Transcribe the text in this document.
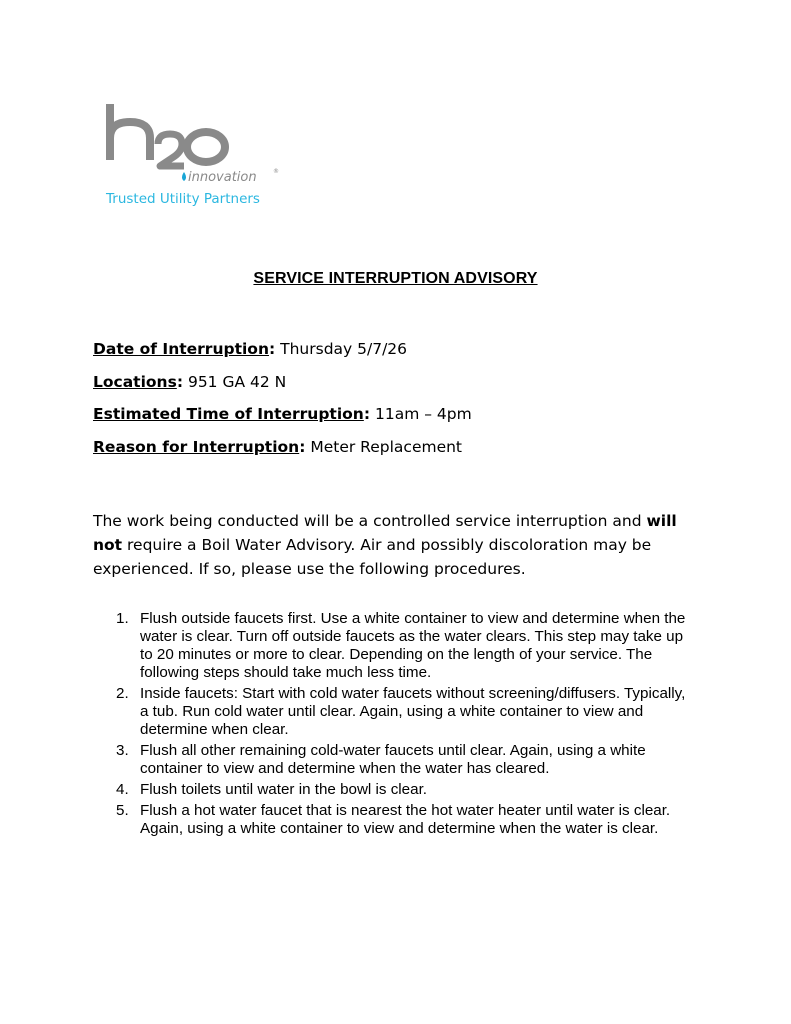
innovation	®
Trusted Utility Partners
SERVICE INTERRUPTION ADVISORY
Date of Interruption: Thursday 5/7/26
Locations: 951 GA 42 N
Estimated Time of Interruption: 11am – 4pm
Reason for Interruption: Meter Replacement

The work being conducted will be a controlled service interruption and will not require a Boil Water Advisory. Air and possibly discoloration may be experienced. If so, please use the following procedures.

1. Flush outside faucets first. Use a white container to view and determine when the water is clear. Turn off outside faucets as the water clears. This step may take up to 20 minutes or more to clear. Depending on the length of your service. The following steps should take much less time.
2. Inside faucets: Start with cold water faucets without screening/diffusers. Typically, a tub. Run cold water until clear. Again, using a white container to view and determine when clear.
3. Flush all other remaining cold-water faucets until clear. Again, using a white container to view and determine when the water has cleared.
4. Flush toilets until water in the bowl is clear.
5. Flush a hot water faucet that is nearest the hot water heater until water is clear. Again, using a white container to view and determine when the water is clear.
